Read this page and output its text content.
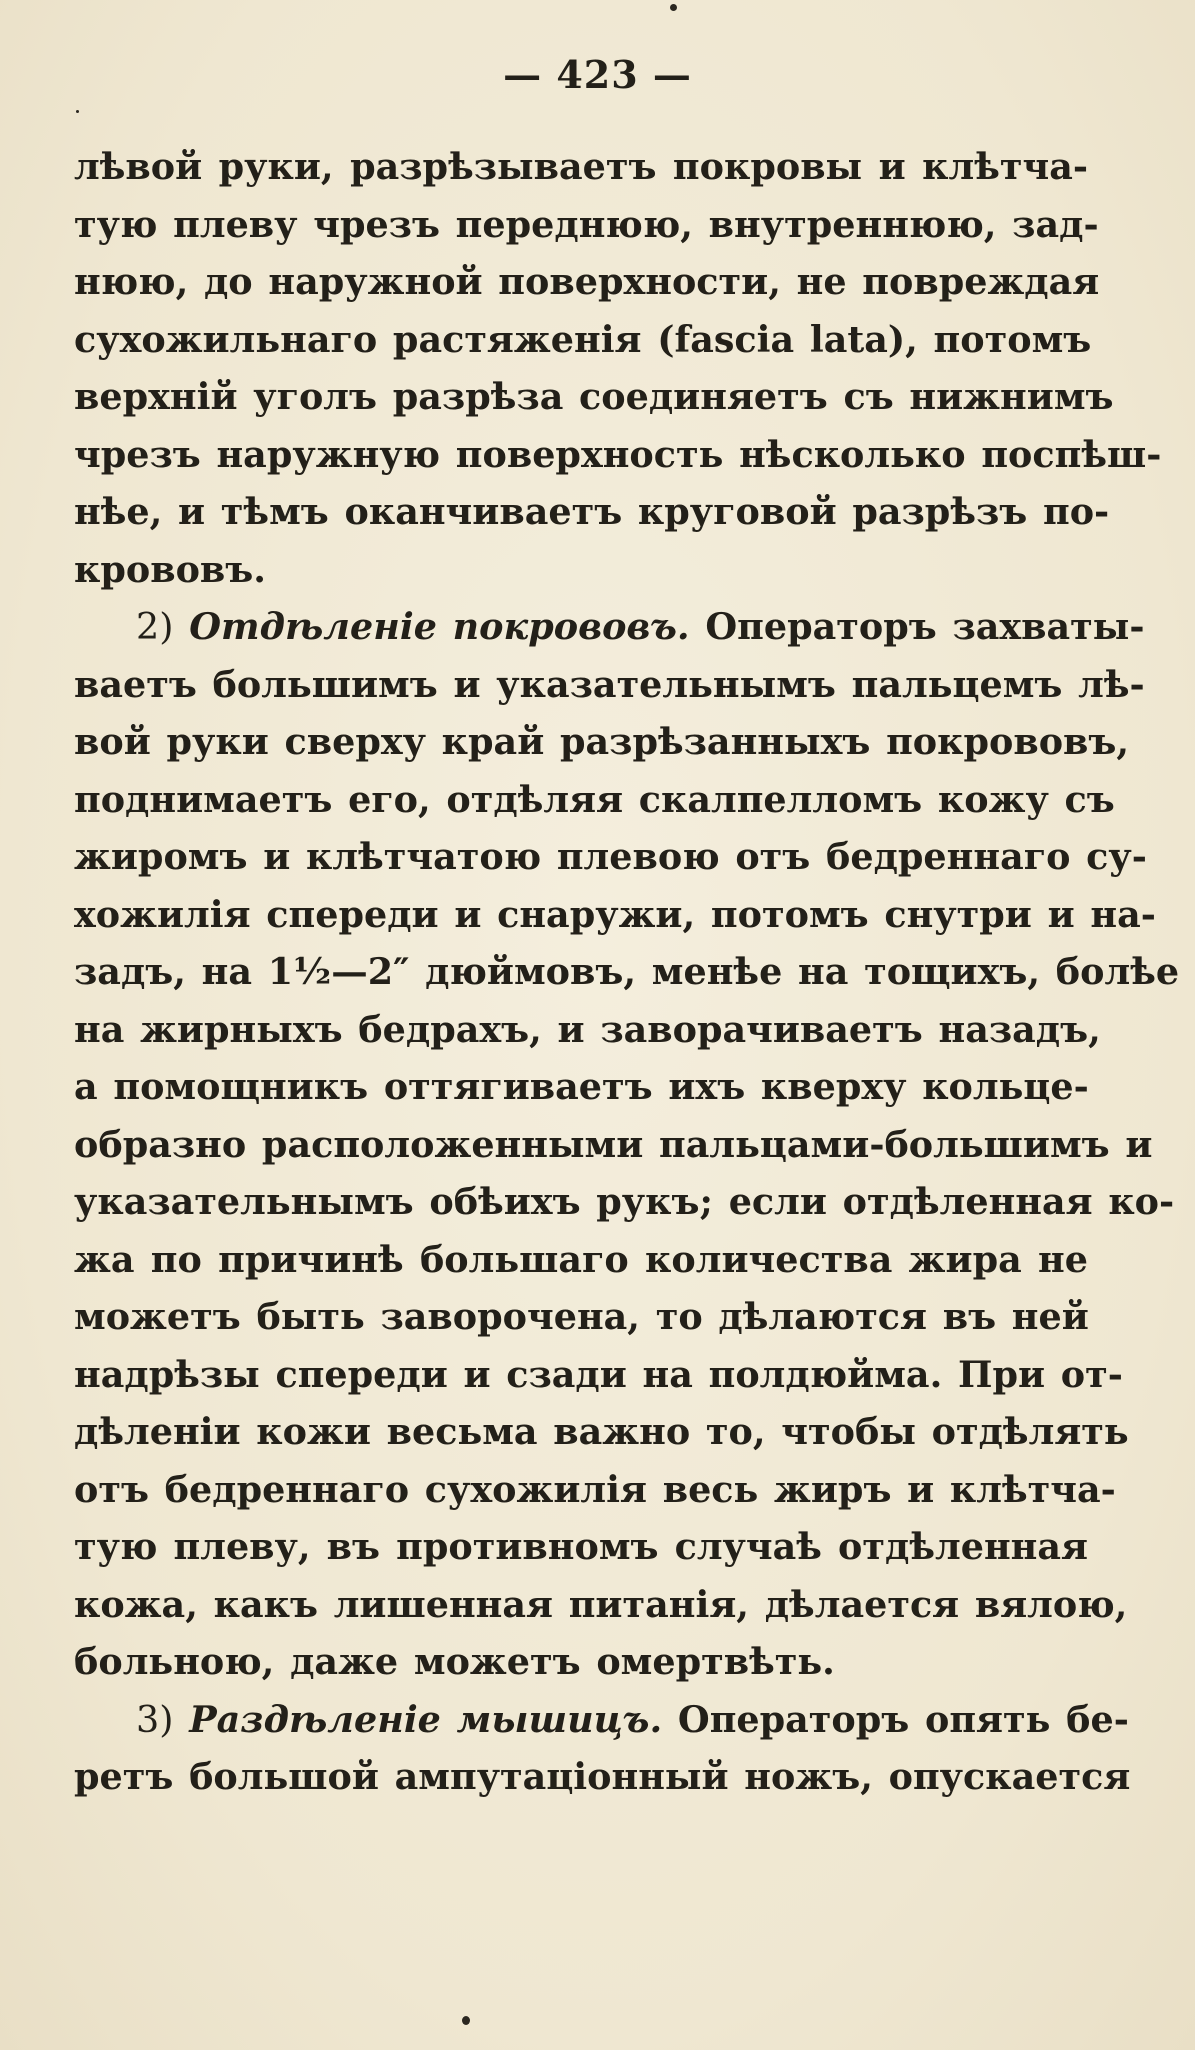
— 423 —
лѣвой руки, разрѣзываетъ покровы и клѣтча-
тую плеву чрезъ переднюю, внутреннюю, зад-
нюю, до наружной поверхности, не повреждая
сухожильнаго растяженія (fascia lata), потомъ
верхній уголъ разрѣза соединяетъ съ нижнимъ
чрезъ наружную поверхность нѣсколько поспѣш-
нѣе, и тѣмъ оканчиваетъ круговой разрѣзъ по-
крововъ.
2) Отдѣленіе покрововъ. Операторъ захваты-
ваетъ большимъ и указательнымъ пальцемъ лѣ-
вой руки сверху край разрѣзанныхъ покрововъ,
поднимаетъ его, отдѣляя скалпелломъ кожу съ
жиромъ и клѣтчатою плевою отъ бедреннаго су-
хожилія спереди и снаружи, потомъ снутри и на-
задъ, на 1½—2″ дюймовъ, менѣе на тощихъ, болѣе
на жирныхъ бедрахъ, и заворачиваетъ назадъ,
а помощникъ оттягиваетъ ихъ кверху кольце-
образно расположенными пальцами-большимъ и
указательнымъ обѣихъ рукъ; если отдѣленная ко-
жа по причинѣ большаго количества жира не
можетъ быть заворочена, то дѣлаются въ ней
надрѣзы спереди и сзади на полдюйма. При от-
дѣленіи кожи весьма важно то, чтобы отдѣлять
отъ бедреннаго сухожилія весь жиръ и клѣтча-
тую плеву, въ противномъ случаѣ отдѣленная
кожа, какъ лишенная питанія, дѣлается вялою,
больною, даже можетъ омертвѣть.
3) Раздѣленіе мышицъ. Операторъ опять бе-
ретъ большой ампутаціонный ножъ, опускается
